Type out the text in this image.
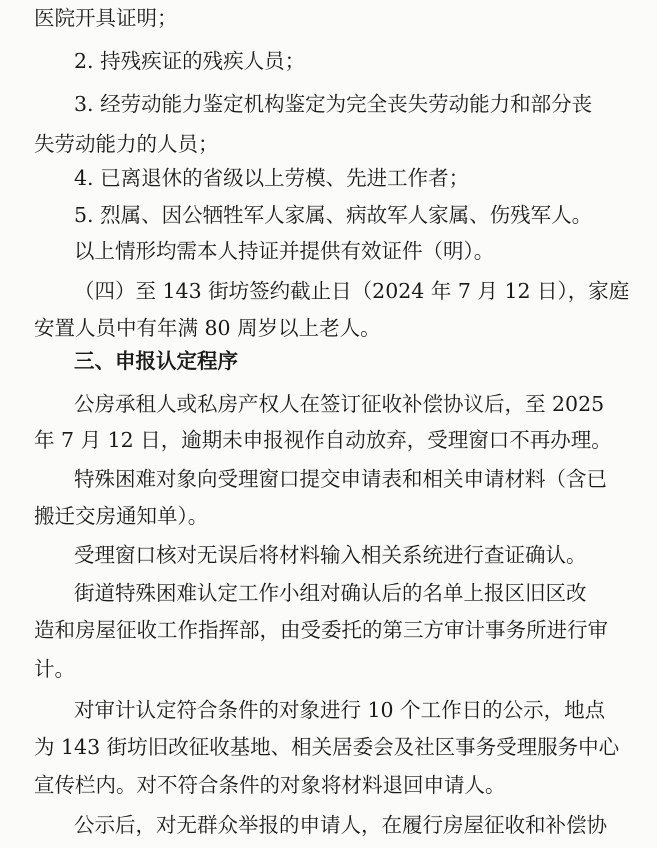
医院开具证明；

2. 持残疾证的残疾人员；

3. 经劳动能力鉴定机构鉴定为完全丧失劳动能力和部分丧

失劳动能力的人员；

4. 已离退休的省级以上劳模、先进工作者；

5. 烈属、因公牺牲军人家属、病故军人家属、伤残军人。

以上情形均需本人持证并提供有效证件（明）。

（四）至 143 街坊签约截止日（2024 年 7 月 12 日），家庭

安置人员中有年满 80 周岁以上老人。

三、申报认定程序

公房承租人或私房产权人在签订征收补偿协议后，至 2025

年 7 月 12 日，逾期未申报视作自动放弃，受理窗口不再办理。

特殊困难对象向受理窗口提交申请表和相关申请材料（含已

搬迁交房通知单）。

受理窗口核对无误后将材料输入相关系统进行查证确认。

街道特殊困难认定工作小组对确认后的名单上报区旧区改

造和房屋征收工作指挥部，由受委托的第三方审计事务所进行审

计。

对审计认定符合条件的对象进行 10 个工作日的公示，地点

为 143 街坊旧改征收基地、相关居委会及社区事务受理服务中心

宣传栏内。对不符合条件的对象将材料退回申请人。

公示后，对无群众举报的申请人，在履行房屋征收和补偿协
